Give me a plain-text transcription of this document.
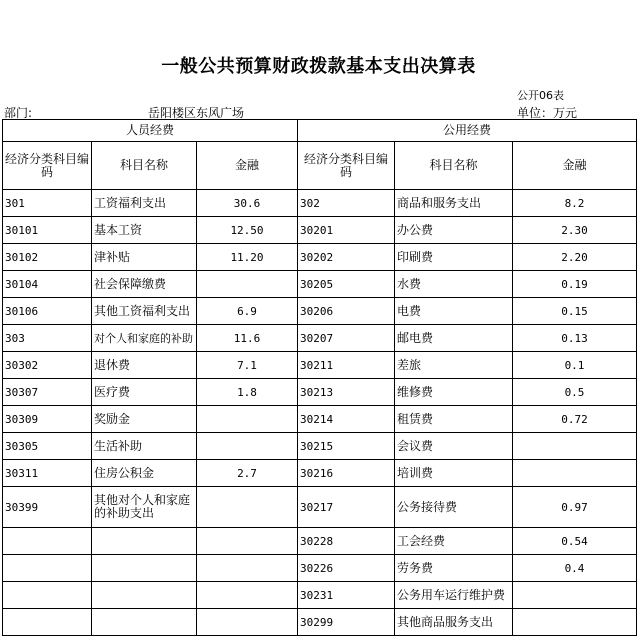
一般公共预算财政拨款基本支出决算表
公开06表
部门:	岳阳楼区东风广场	单位：万元
人员经费			公用经费		
经济分类科目编码	科目名称	金融	经济分类科目编码	科目名称	金融
301	工资福利支出	30.6	302	商品和服务支出	8.2
30101	基本工资	12.50	30201	办公费	2.30
30102	津补贴	11.20	30202	印刷费	2.20
30104	社会保障缴费		30205	水费	0.19
30106	其他工资福利支出	6.9	30206	电费	0.15
303	对个人和家庭的补助	11.6	30207	邮电费	0.13
30302	退休费	7.1	30211	差旅	0.1
30307	医疗费	1.8	30213	维修费	0.5
30309	奖励金		30214	租赁费	0.72
30305	生活补助		30215	会议费	
30311	住房公积金	2.7	30216	培训费	
30399	其他对个人和家庭的补助支出		30217	公务接待费	0.97
			30228	工会经费	0.54
			30226	劳务费	0.4
			30231	公务用车运行维护费	
			30299	其他商品服务支出	
